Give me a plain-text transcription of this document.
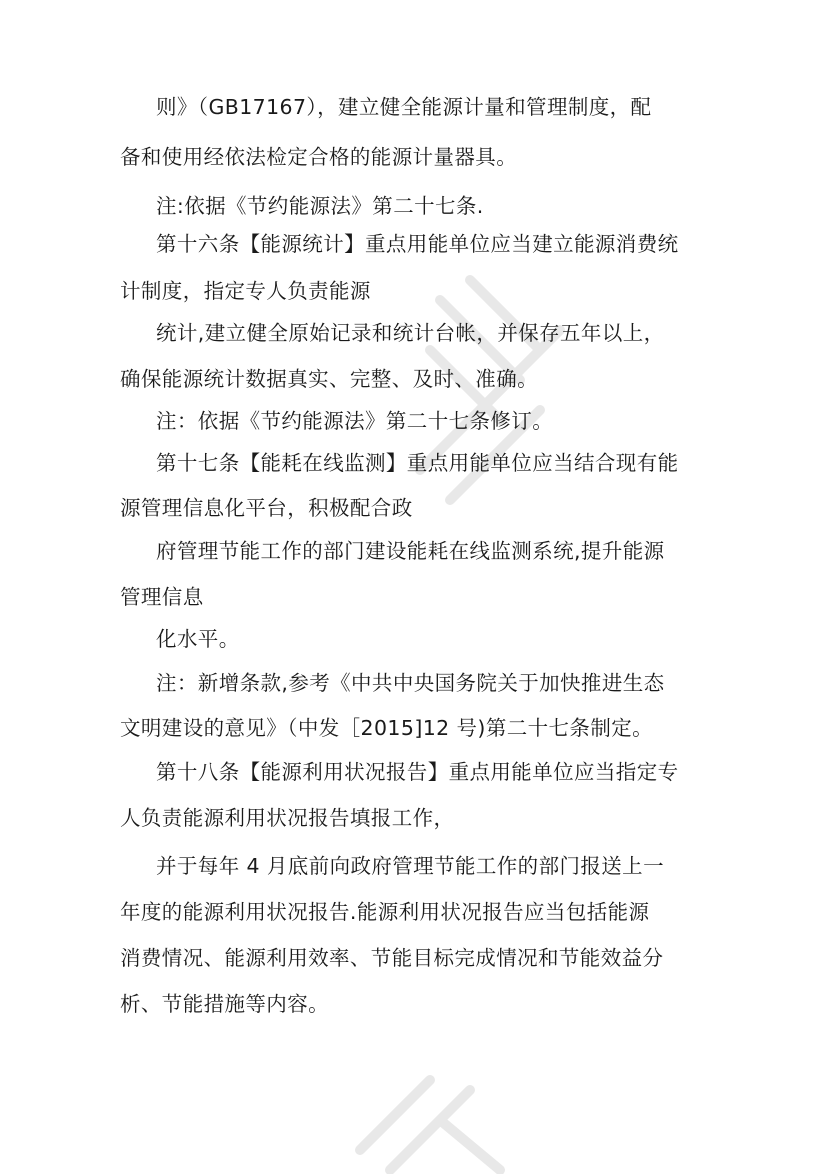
则》（GB17167），建立健全能源计量和管理制度，配
备和使用经依法检定合格的能源计量器具。
注:依据《节约能源法》第二十七条.
第十六条【能源统计】重点用能单位应当建立能源消费统
计制度，指定专人负责能源
统计,建立健全原始记录和统计台帐，并保存五年以上，
确保能源统计数据真实、完整、及时、准确。
注：依据《节约能源法》第二十七条修订。
第十七条【能耗在线监测】重点用能单位应当结合现有能
源管理信息化平台，积极配合政
府管理节能工作的部门建设能耗在线监测系统,提升能源
管理信息
化水平。
注：新增条款,参考《中共中央国务院关于加快推进生态
文明建设的意见》（中发［2015]12 号)第二十七条制定。
第十八条【能源利用状况报告】重点用能单位应当指定专
人负责能源利用状况报告填报工作，
并于每年 4 月底前向政府管理节能工作的部门报送上一
年度的能源利用状况报告.能源利用状况报告应当包括能源
消费情况、能源利用效率、节能目标完成情况和节能效益分
析、节能措施等内容。
